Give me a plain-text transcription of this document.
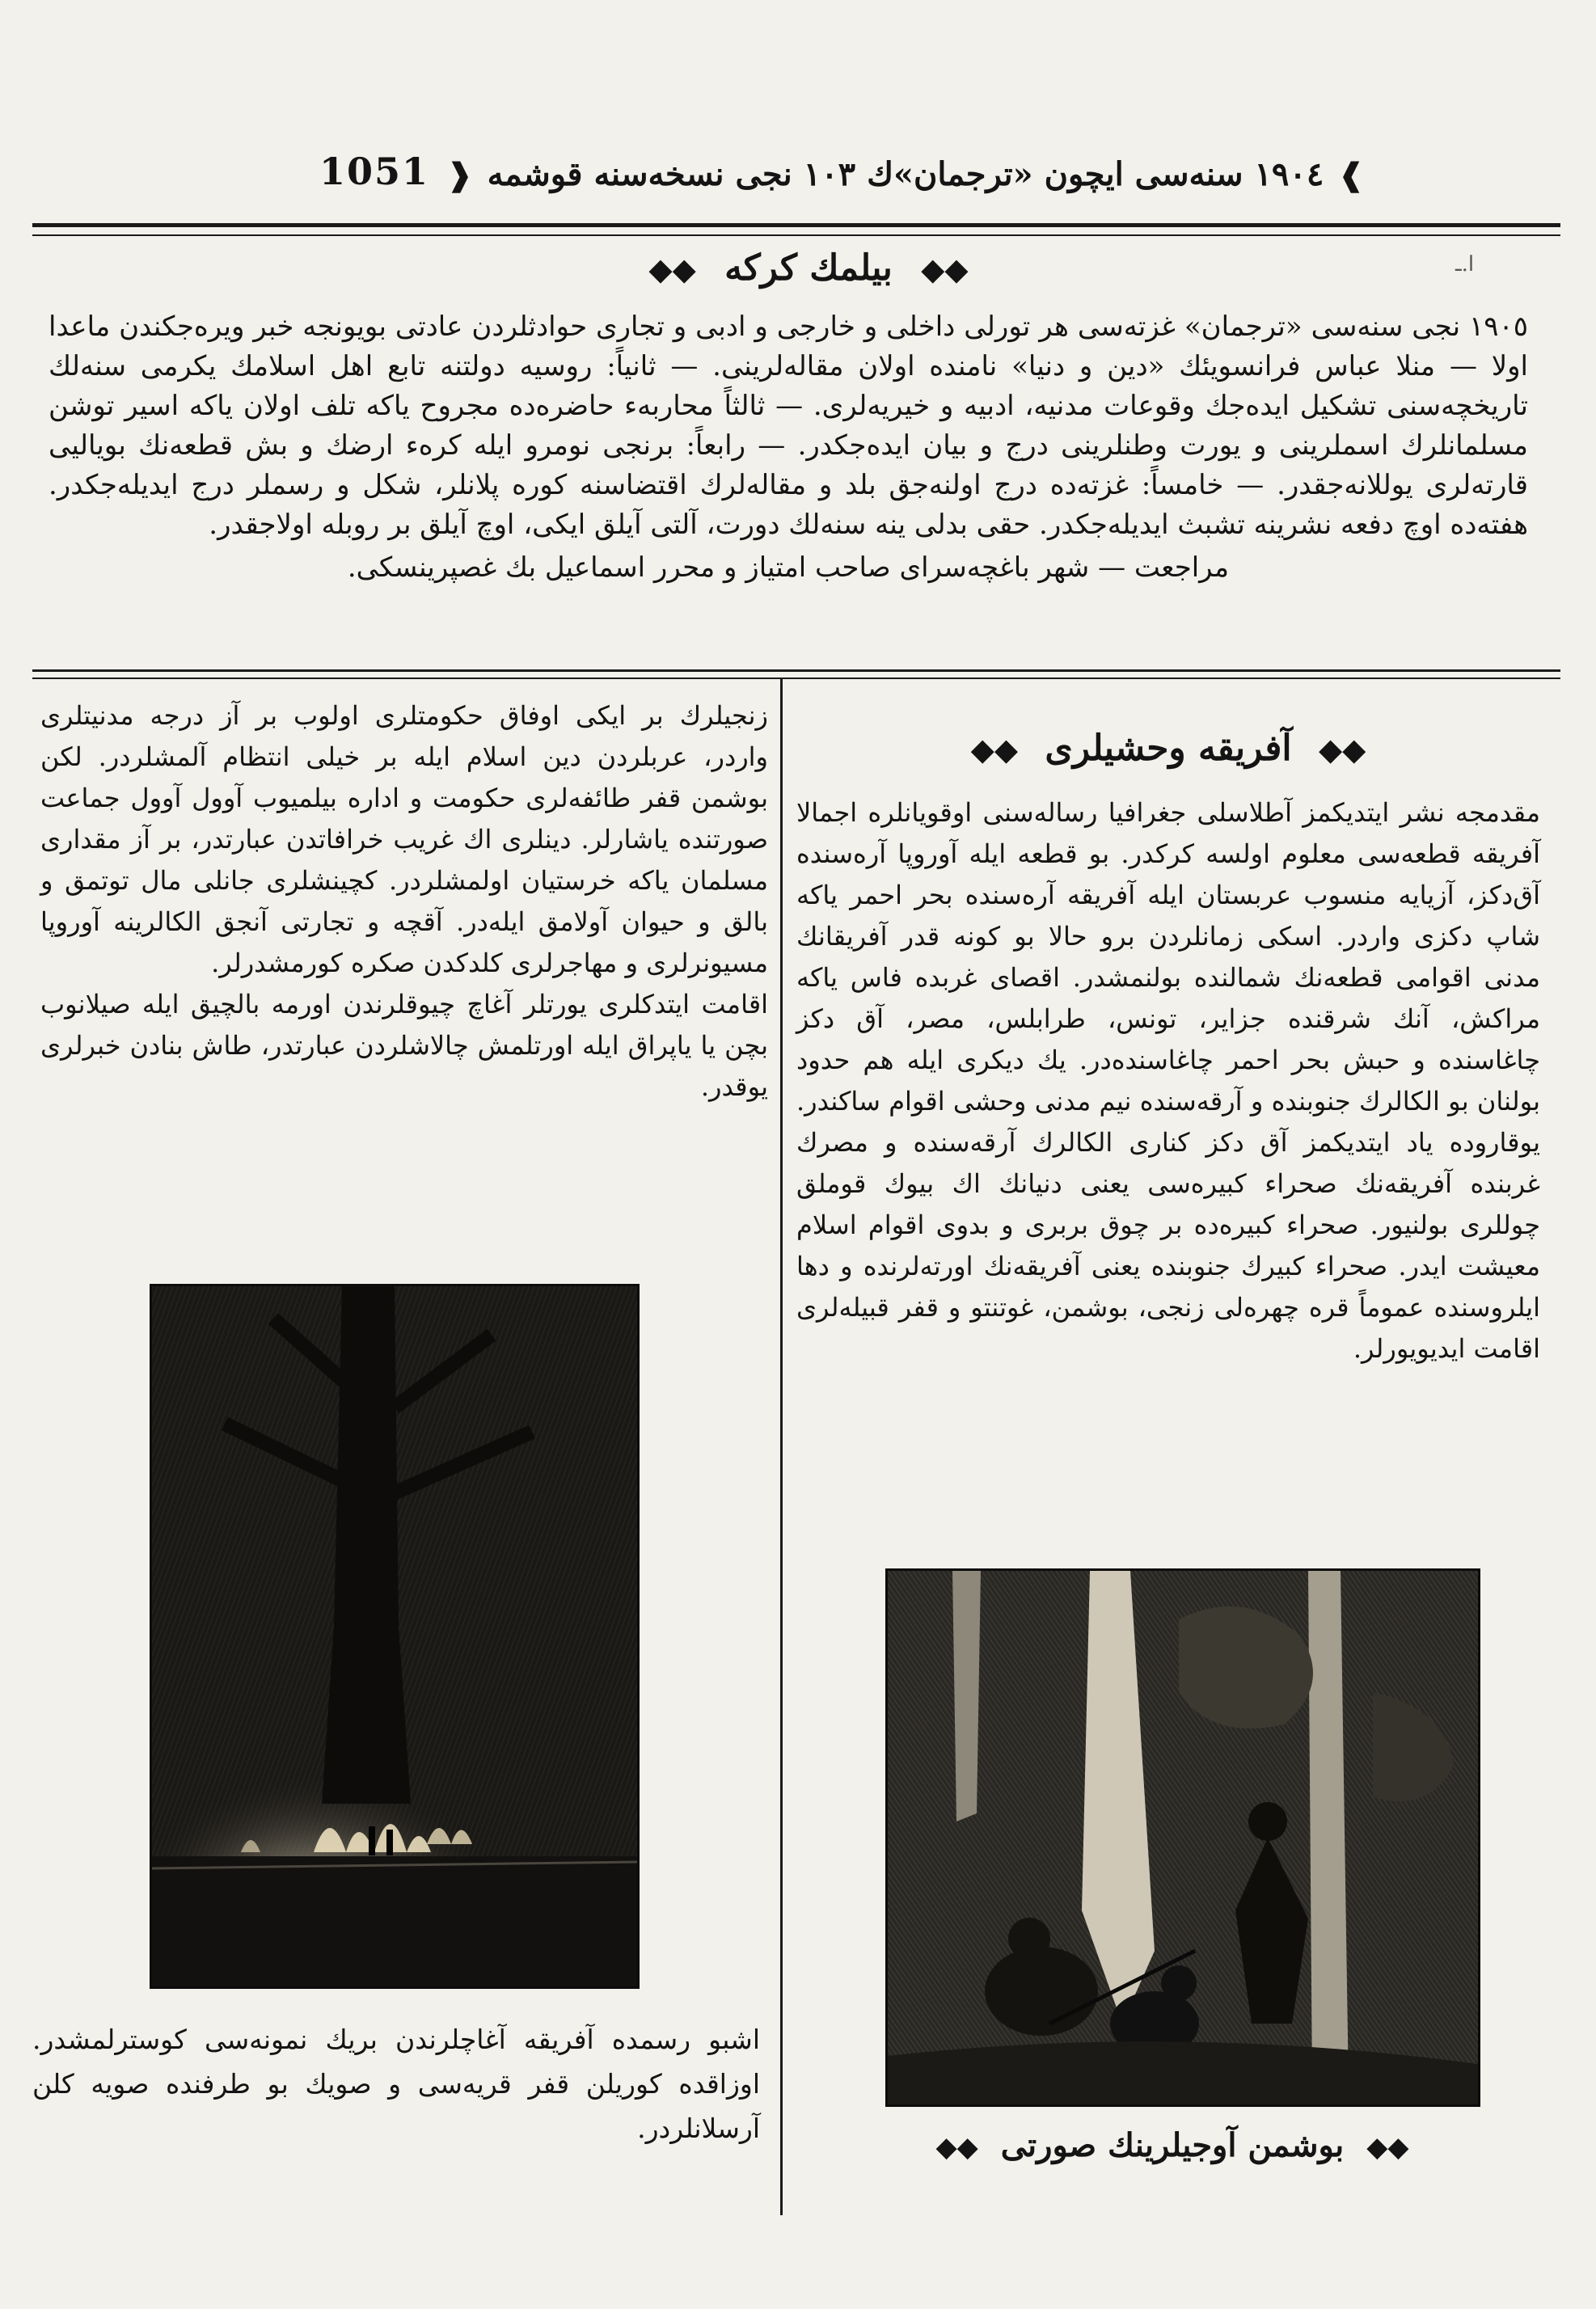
1051	❱
١٩٠٤ سنەسى ايچون «ترجمان»ك ١٠٣ نجى نسخەسنە قوشمە
❰
ا‌.ـ
◆◆ بيلمك كركه ◆◆

١٩٠٥ نجى سنەسى «ترجمان» غزتەسى هر تورلى داخلى و خارجى و ادبى و تجارى حوادثلردن عادتى بويونجە خبر ويرەجكندن ماعدا اولا — منلا عباس فرانسويئك «دين و دنيا» نامندە اولان مقالەلرينى. — ثانياً: روسيە دولتنە تابع اهل اسلامك يكرمى سنەلك تاريخچەسنى تشكيل ايدەجك وقوعات مدنيە، ادبيە و خيريەلرى. — ثالثاً محاربەء حاضرەدە مجروح ياكە تلف اولان ياكە اسير توشن مسلمانلرك اسملرينى و يورت وطنلرينى درج و بيان ايدەجكدر. — رابعاً: برنجى نومرو ايلە كرهء ارضك و بش قطعەنك بوياليى قارتەلرى يوللانەجقدر. — خامساً: غزتەدە درج اولنەجق بلد و مقالەلرك اقتضاسنە كورە پلانلر، شكل و رسملر درج ايديلەجكدر. هفتەدە اوچ دفعە نشرينە تشبث ايديلەجكدر. حقى بدلى ينە سنەلك دورت، آلتى آيلق ايكى، اوچ آيلق بر روبلە اولاجقدر.

مراجعت — شهر باغچەسراى صاحب امتياز و محرر اسماعيل بك غصپرينسكى.

◆◆ آفريقە وحشيلرى ◆◆
مقدمجە نشر ايتديكمز آطلاسلى جغرافيا رسالەسنى اوقويانلرە اجمالا آفريقە قطعەسى معلوم اولسە كركدر. بو قطعە ايلە آوروپا آرەسندە آق‌دكز، آزيايە منسوب عربستان ايلە آفريقە آرەسندە بحر احمر ياكە شاپ دكزى واردر. اسكى زمانلردن برو حالا بو كونە قدر آفريقانك مدنى اقوامى قطعەنك شمالندە بولنمشدر. اقصاى غربدە فاس ياكە مراكش، آنك شرقندە جزاير، تونس، طرابلس، مصر، آق دكز چاغاسندە و حبش بحر احمر چاغاسندەدر. يك ديكرى ايلە هم حدود بولنان بو الكالرك جنوبندە و آرقەسندە نيم مدنى وحشى اقوام ساكندر. يوقاروده ياد ايتديكمز آق دكز كنارى الكالرك آرقەسندە و مصرك غربندە آفريقەنك صحراء كبيرەسى يعنى دنيانك ا‌ك بيوك قوملق چوللرى بولنيور. صحراء كبيرەدە بر چوق بربرى و بدوى اقوام اسلام معيشت ايدر. صحراء كبيرك جنوبندە يعنى آفريقەنك اورتەلرندە و دها ايلروسندە عموماً قرە چهرەلى زنجى، بوشمن، غوتنتو و قفر قبيلەلرى اقامت ايديويورلر.

زنجيلرك بر ايكى اوفاق حكومتلرى اولوب بر آز درجە مدنيتلرى واردر، عربلردن دين اسلام ايلە بر خيلى انتظام آلمشلردر. لكن بوشمن قفر طائفەلرى حكومت و ادارە بيلميوب آوول آوول جماعت صورتندە ياشارلر. دينلرى اك غريب خرافاتدن عبارتدر، بر آز مقدارى مسلمان ياكە خرستيان اولمشلردر. كچينشلرى جانلى مال توتمق و بالق و حيوان آولامق ايلەدر. آقچە و تجارتى آنجق الكالرينە آوروپا مسيونرلرى و مهاجرلرى كلدكدن صكرە كورمشدرلر.

اقامت ايتدكلرى يورتلر آغاچ چيوقلرندن اورمە بالچيق ايلە صيلانوب بچن يا ياپراق ايلە اورتلمش چالاشلردن عبارتدر، طاش بنادن خبرلرى يوقدر.

اشبو رسمدە آفريقە آغاچلرندن بريك نمونەسى كوسترلمشدر. اوزاقدە كوريلن قفر قريەسى و صويك بو طرفندە صويە كلن آرسلانلردر.
◆◆ بوشمن آوجيلرينك صورتى ◆◆
